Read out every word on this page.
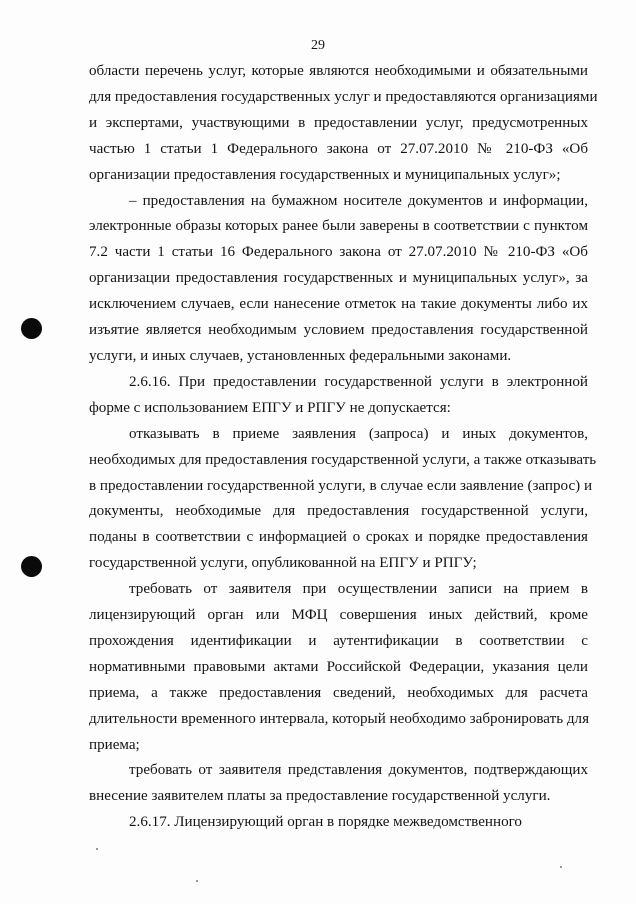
29
области перечень услуг, которые являются необходимыми и обязательными
для предоставления государственных услуг и предоставляются организациями
и экспертами, участвующими в предоставлении услуг, предусмотренных
частью 1 статьи 1 Федерального закона от 27.07.2010 № 210-ФЗ «Об
организации предоставления государственных и муниципальных услуг»;
– предоставления на бумажном носителе документов и информации,
электронные образы которых ранее были заверены в соответствии с пунктом
7.2 части 1 статьи 16 Федерального закона от 27.07.2010 № 210-ФЗ «Об
организации предоставления государственных и муниципальных услуг», за
исключением случаев, если нанесение отметок на такие документы либо их
изъятие является необходимым условием предоставления государственной
услуги, и иных случаев, установленных федеральными законами.
2.6.16. При предоставлении государственной услуги в электронной
форме с использованием ЕПГУ и РПГУ не допускается:
отказывать в приеме заявления (запроса) и иных документов,
необходимых для предоставления государственной услуги, а также отказывать
в предоставлении государственной услуги, в случае если заявление (запрос) и
документы, необходимые для предоставления государственной услуги,
поданы в соответствии с информацией о сроках и порядке предоставления
государственной услуги, опубликованной на ЕПГУ и РПГУ;
требовать от заявителя при осуществлении записи на прием в
лицензирующий орган или МФЦ совершения иных действий, кроме
прохождения идентификации и аутентификации в соответствии с
нормативными правовыми актами Российской Федерации, указания цели
приема, а также предоставления сведений, необходимых для расчета
длительности временного интервала, который необходимо забронировать для
приема;
требовать от заявителя представления документов, подтверждающих
внесение заявителем платы за предоставление государственной услуги.
2.6.17. Лицензирующий орган в порядке межведомственного
